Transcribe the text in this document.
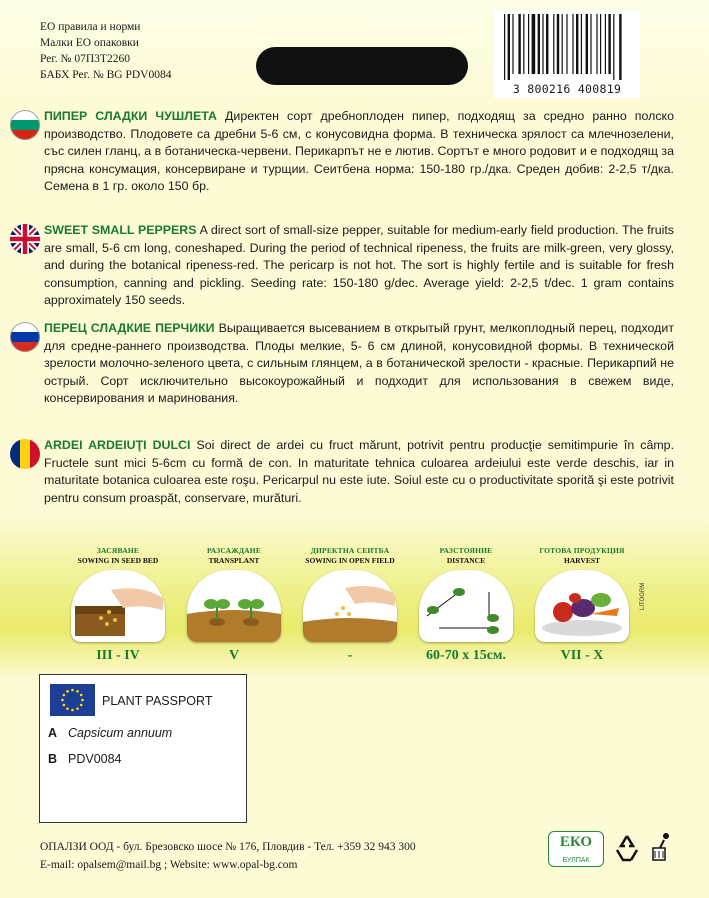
ЕО правила и норми
Малки ЕО опаковки
Рег. № 07П3Т2260
БАБХ Рег. № BG PDV0084
3 800216 400819

ПИПЕР СЛАДКИ ЧУШЛЕТА Директен сорт дребноплоден пипер, подходящ за средно ранно полско производство. Плодовете са дребни 5-6 см, с конусовидна форма. В техническа зрялост са млечнозелени, със силен гланц, а в ботаническа-червени. Перикарпът не е лютив. Сортът е много родовит и е подходящ за прясна консумация, консервиране и турщии. Сеитбена норма: 150-180 гр./дка. Среден добив: 2-2,5 т/дка. Семена в 1 гр. около 150 бр.

SWEET SMALL PEPPERS A direct sort of small-size pepper, suitable for medium-early field production. The fruits are small, 5-6 cm long, coneshaped. During the period of technical ripeness, the fruits are milk-green, very glossy, and during the botanical ripeness-red. The pericarp is not hot. The sort is highly fertile and is suitable for fresh consumption, canning and pickling. Seeding rate: 150-180 g/dec. Average yield: 2-2,5 t/dec. 1 gram contains approximately 150 seeds.

ПЕРЕЦ СЛАДКИЕ ПЕРЧИКИ Выращивается высеванием в открытый грунт, мелкоплодный перец, подходит для средне-раннего производства. Плоды мелкие, 5- 6 см длиной, конусовидной формы. В технической зрелости молочно-зеленого цвета, с сильным глянцем, а в ботанической зрелости - красные. Перикарпий не острый. Сорт исключительно высокоурожайный и подходит для использования в свежем виде, консервирования и маринования.

ARDEI ARDEIUŢI DULCI Soi direct de ardei cu fruct mărunt, potrivit pentru producţie semitimpurie în câmp. Fructele sunt mici 5-6cm cu formă de con. In maturitate tehnica culoarea ardeiului este verde deschis, iar in maturitate botanica culoarea este roşu. Pericarpul nu este iute. Soiul este cu o productivitate sporită şi este potrivit pentru consum proaspăt, conservare, murături.

ЗАСЯВАНЕ
SOWING IN SEED BED
III - IV
РАЗСАЖДАНЕ
TRANSPLANT
V
ДИРЕКТНА СЕИТБА
SOWING IN OPEN FIELD
-
РАЗСТОЯНИЕ
DISTANCE
60-70 x 15см.
ГОТОВА ПРОДУКЦИЯ
HARVEST
VII - X
LITOGRM
PLANT PASSPORT
A Capsicum annuum
B PDV0084
ОПАЛЗИ ООД - бул. Брезовско шосе № 176, Пловдив - Тел. +359 32 943 300
E-mail: opalsem@mail.bg ; Website: www.opal-bg.com
ЕКО
БУЛПАК
